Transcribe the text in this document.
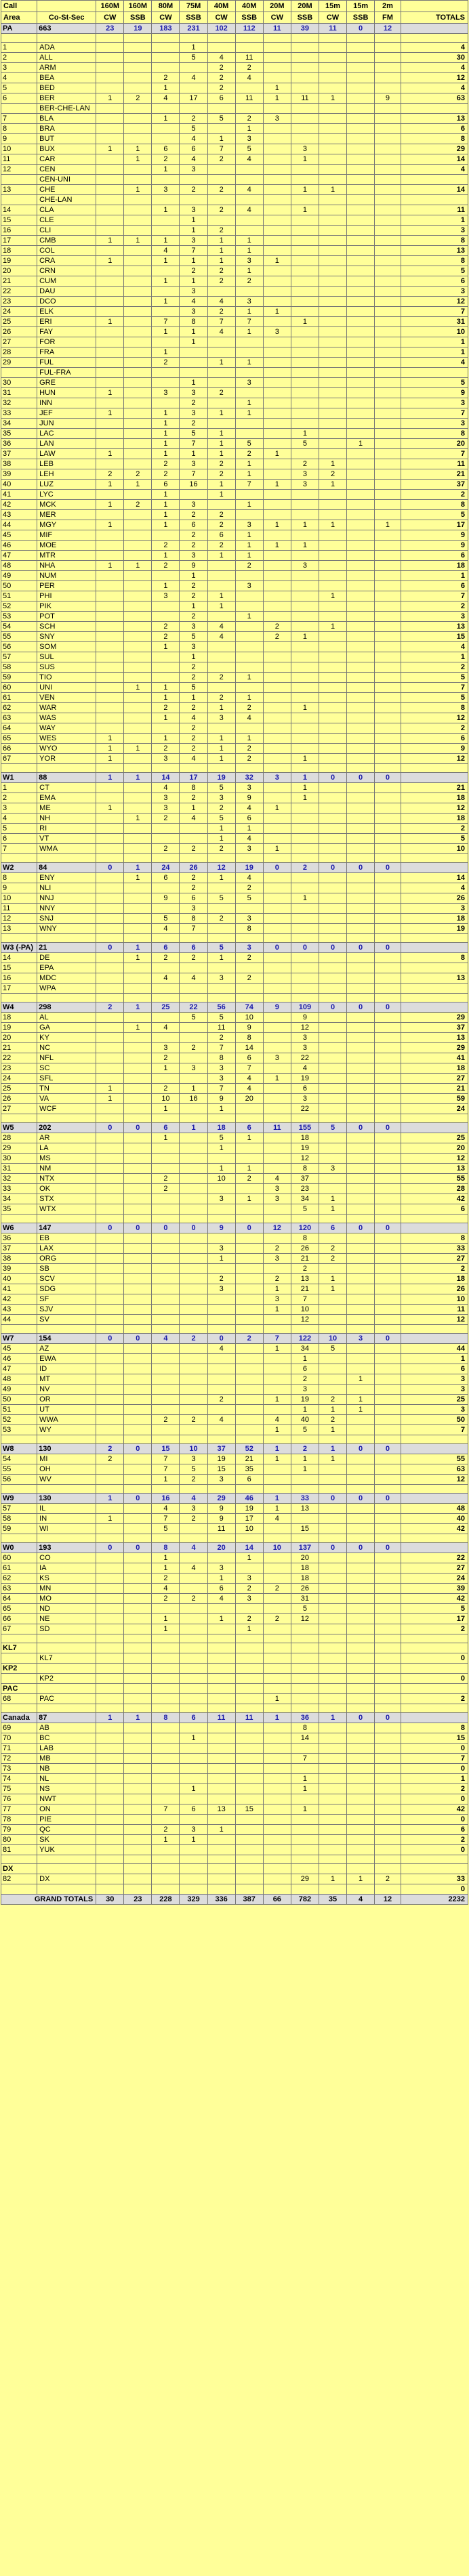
Call		160M	160M	80M	75M	40M	40M	20M	20M	15m	15m	2m	
Area	Co-St-Sec	CW	SSB	CW	SSB	CW	SSB	CW	SSB	CW	SSB	FM	TOTALS
PA	663	23	19	183	231	102	112	11	39	11	0	12	

1	ADA				1								4
2	ALL				5	4	11						30
3	ARM					2	2						4
4	BEA			2	4	2	4						12
5	BED			1		2		1					4
6	BER	1	2	4	17	6	11	1	11	1		9	63
	BER-CHE-LAN												
7	BLA			1	2	5	2	3					13
8	BRA				5		1						6
9	BUT				4	1	3						8
10	BUX	1	1	6	6	7	5		3				29
11	CAR		1	2	4	2	4		1				14
12	CEN			1	3								4
	CEN-UNI												
13	CHE		1	3	2	2	4		1	1			14
	CHE-LAN												
14	CLA			1	3	2	4		1				11
15	CLE				1								1
16	CLI				1	2							3
17	CMB	1	1	1	3	1	1						8
18	COL			4	7	1	1						13
19	CRA	1		1	1	1	3	1					8
20	CRN				2	2	1						5
21	CUM			1	1	2	2						6
22	DAU				3								3
23	DCO			1	4	4	3						12
24	ELK				3	2	1	1					7
25	ERI	1		7	8	7	7		1				31
26	FAY			1	1	4	1	3					10
27	FOR				1								1
28	FRA			1									1
29	FUL			2		1	1						4
	FUL-FRA												
30	GRE				1		3						5
31	HUN	1		3	3	2							9
32	INN				2		1						3
33	JEF	1		1	3	1	1						7
34	JUN			1	2								3
35	LAC			1	5	1			1				8
36	LAN			1	7	1	5		5		1		20
37	LAW	1		1	1	1	2	1					7
38	LEB			2	3	2	1		2	1			11
39	LEH	2	2	2	7	2	1		3	2			21
40	LUZ	1	1	6	16	1	7	1	3	1			37
41	LYC			1		1							2
42	MCK	1	2	1	3		1						8
43	MER			1	2	2							5
44	MGY	1		1	6	2	3	1	1	1		1	17
45	MIF				2	6	1						9
46	MOE			2	2	2	1	1	1				9
47	MTR			1	3	1	1						6
48	NHA	1	1	2	9		2		3				18
49	NUM				1								1
50	PER			1	2		3						6
51	PHI			3	2	1				1			7
52	PIK				1	1							2
53	POT				2		1						3
54	SCH			2	3	4		2		1			13
55	SNY			2	5	4		2	1				15
56	SOM			1	3								4
57	SUL				1								1
58	SUS				2								2
59	TIO				2	2	1						5
60	UNI		1	1	5								7
61	VEN			1	1	2	1						5
62	WAR			2	2	1	2		1				8
63	WAS			1	4	3	4						12
64	WAY				2								2
65	WES	1		1	2	1	1						6
66	WYO	1	1	2	2	1	2						9
67	YOR	1		3	4	1	2		1				12

W1	88	1	1	14	17	19	32	3	1	0	0	0	
1	CT			4	8	5	3		1				21
2	EMA			3	2	3	9		1				18
3	ME	1		3	1	2	4	1					12
4	NH		1	2	4	5	6						18
5	RI					1	1						2
6	VT					1	4						5
7	WMA			2	2	2	3	1					10

W2	84	0	1	24	26	12	19	0	2	0	0	0	
8	ENY		1	6	2	1	4						14
9	NLI				2		2						4
10	NNJ			9	6	5	5		1				26
11	NNY				3								3
12	SNJ			5	8	2	3						18
13	WNY			4	7		8						19

W3 (-PA)	21	0	1	6	6	5	3	0	0	0	0	0	
14	DE		1	2	2	1	2						8
15	EPA												
16	MDC			4	4	3	2						13
17	WPA												

W4	298	2	1	25	22	56	74	9	109	0	0	0	
18	AL				5	5	10		9				29
19	GA		1	4		11	9		12				37
20	KY					2	8		3				13
21	NC			3	2	7	14		3				29
22	NFL			2		8	6	3	22				41
23	SC			1	3	3	7		4				18
24	SFL					3	4	1	19				27
25	TN	1		2	1	7	4		6				21
26	VA	1		10	16	9	20		3				59
27	WCF			1		1			22				24

W5	202	0	0	6	1	18	6	11	155	5	0	0	
28	AR			1		5	1		18				25
29	LA					1			19				20
30	MS								12				12
31	NM					1	1		8	3			13
32	NTX			2		10	2	4	37				55
33	OK			2				3	23				28
34	STX					3	1	3	34	1			42
35	WTX								5	1			6

W6	147	0	0	0	0	9	0	12	120	6	0	0	
36	EB								8				8
37	LAX					3		2	26	2			33
38	ORG					1		3	21	2			27
39	SB								2				2
40	SCV					2		2	13	1			18
41	SDG					3		1	21	1			26
42	SF							3	7				10
43	SJV							1	10				11
44	SV								12				12

W7	154	0	0	4	2	0	2	7	122	10	3	0	
45	AZ					4		1	34	5			44
46	EWA								1				1
47	ID								6				6
48	MT								2		1		3
49	NV								3				3
50	OR					2		1	19	2	1		25
51	UT								1	1	1		3
52	WWA			2	2	4		4	40	2			50
53	WY							1	5	1			7

W8	130	2	0	15	10	37	52	1	2	1	0	0	
54	MI	2		7	3	19	21	1	1	1			55
55	OH			7	5	15	35		1				63
56	WV			1	2	3	6						12

W9	130	1	0	16	4	29	46	1	33	0	0	0	
57	IL			4	3	9	19	1	13				48
58	IN	1		7	2	9	17	4					40
59	WI			5		11	10		15				42

W0	193	0	0	8	4	20	14	10	137	0	0	0	
60	CO			1			1		20				22
61	IA			1	4	3			18				27
62	KS			2		1	3		18				24
63	MN			4		6	2	2	26				39
64	MO			2	2	4	3		31				42
65	ND								5				5
66	NE			1		1	2	2	12				17
67	SD			1			1						2

KL7													
	KL7												0
KP2													
	KP2												0
PAC													
68	PAC							1					2

Canada	87	1	1	8	6	11	11	1	36	1	0	0	
69	AB								8				8
70	BC				1				14				15
71	LAB												0
72	MB								7				7
73	NB												0
74	NL								1				1
75	NS				1				1				2
76	NWT												0
77	ON			7	6	13	15		1				42
78	PIE												0
79	QC			2	3	1							6
80	SK			1	1								2
81	YUK												0

DX													
82	DX								29	1	1	2	33
													0
GRAND TOTALS		30	23	228	329	336	387	66	782	35	4	12	2232
